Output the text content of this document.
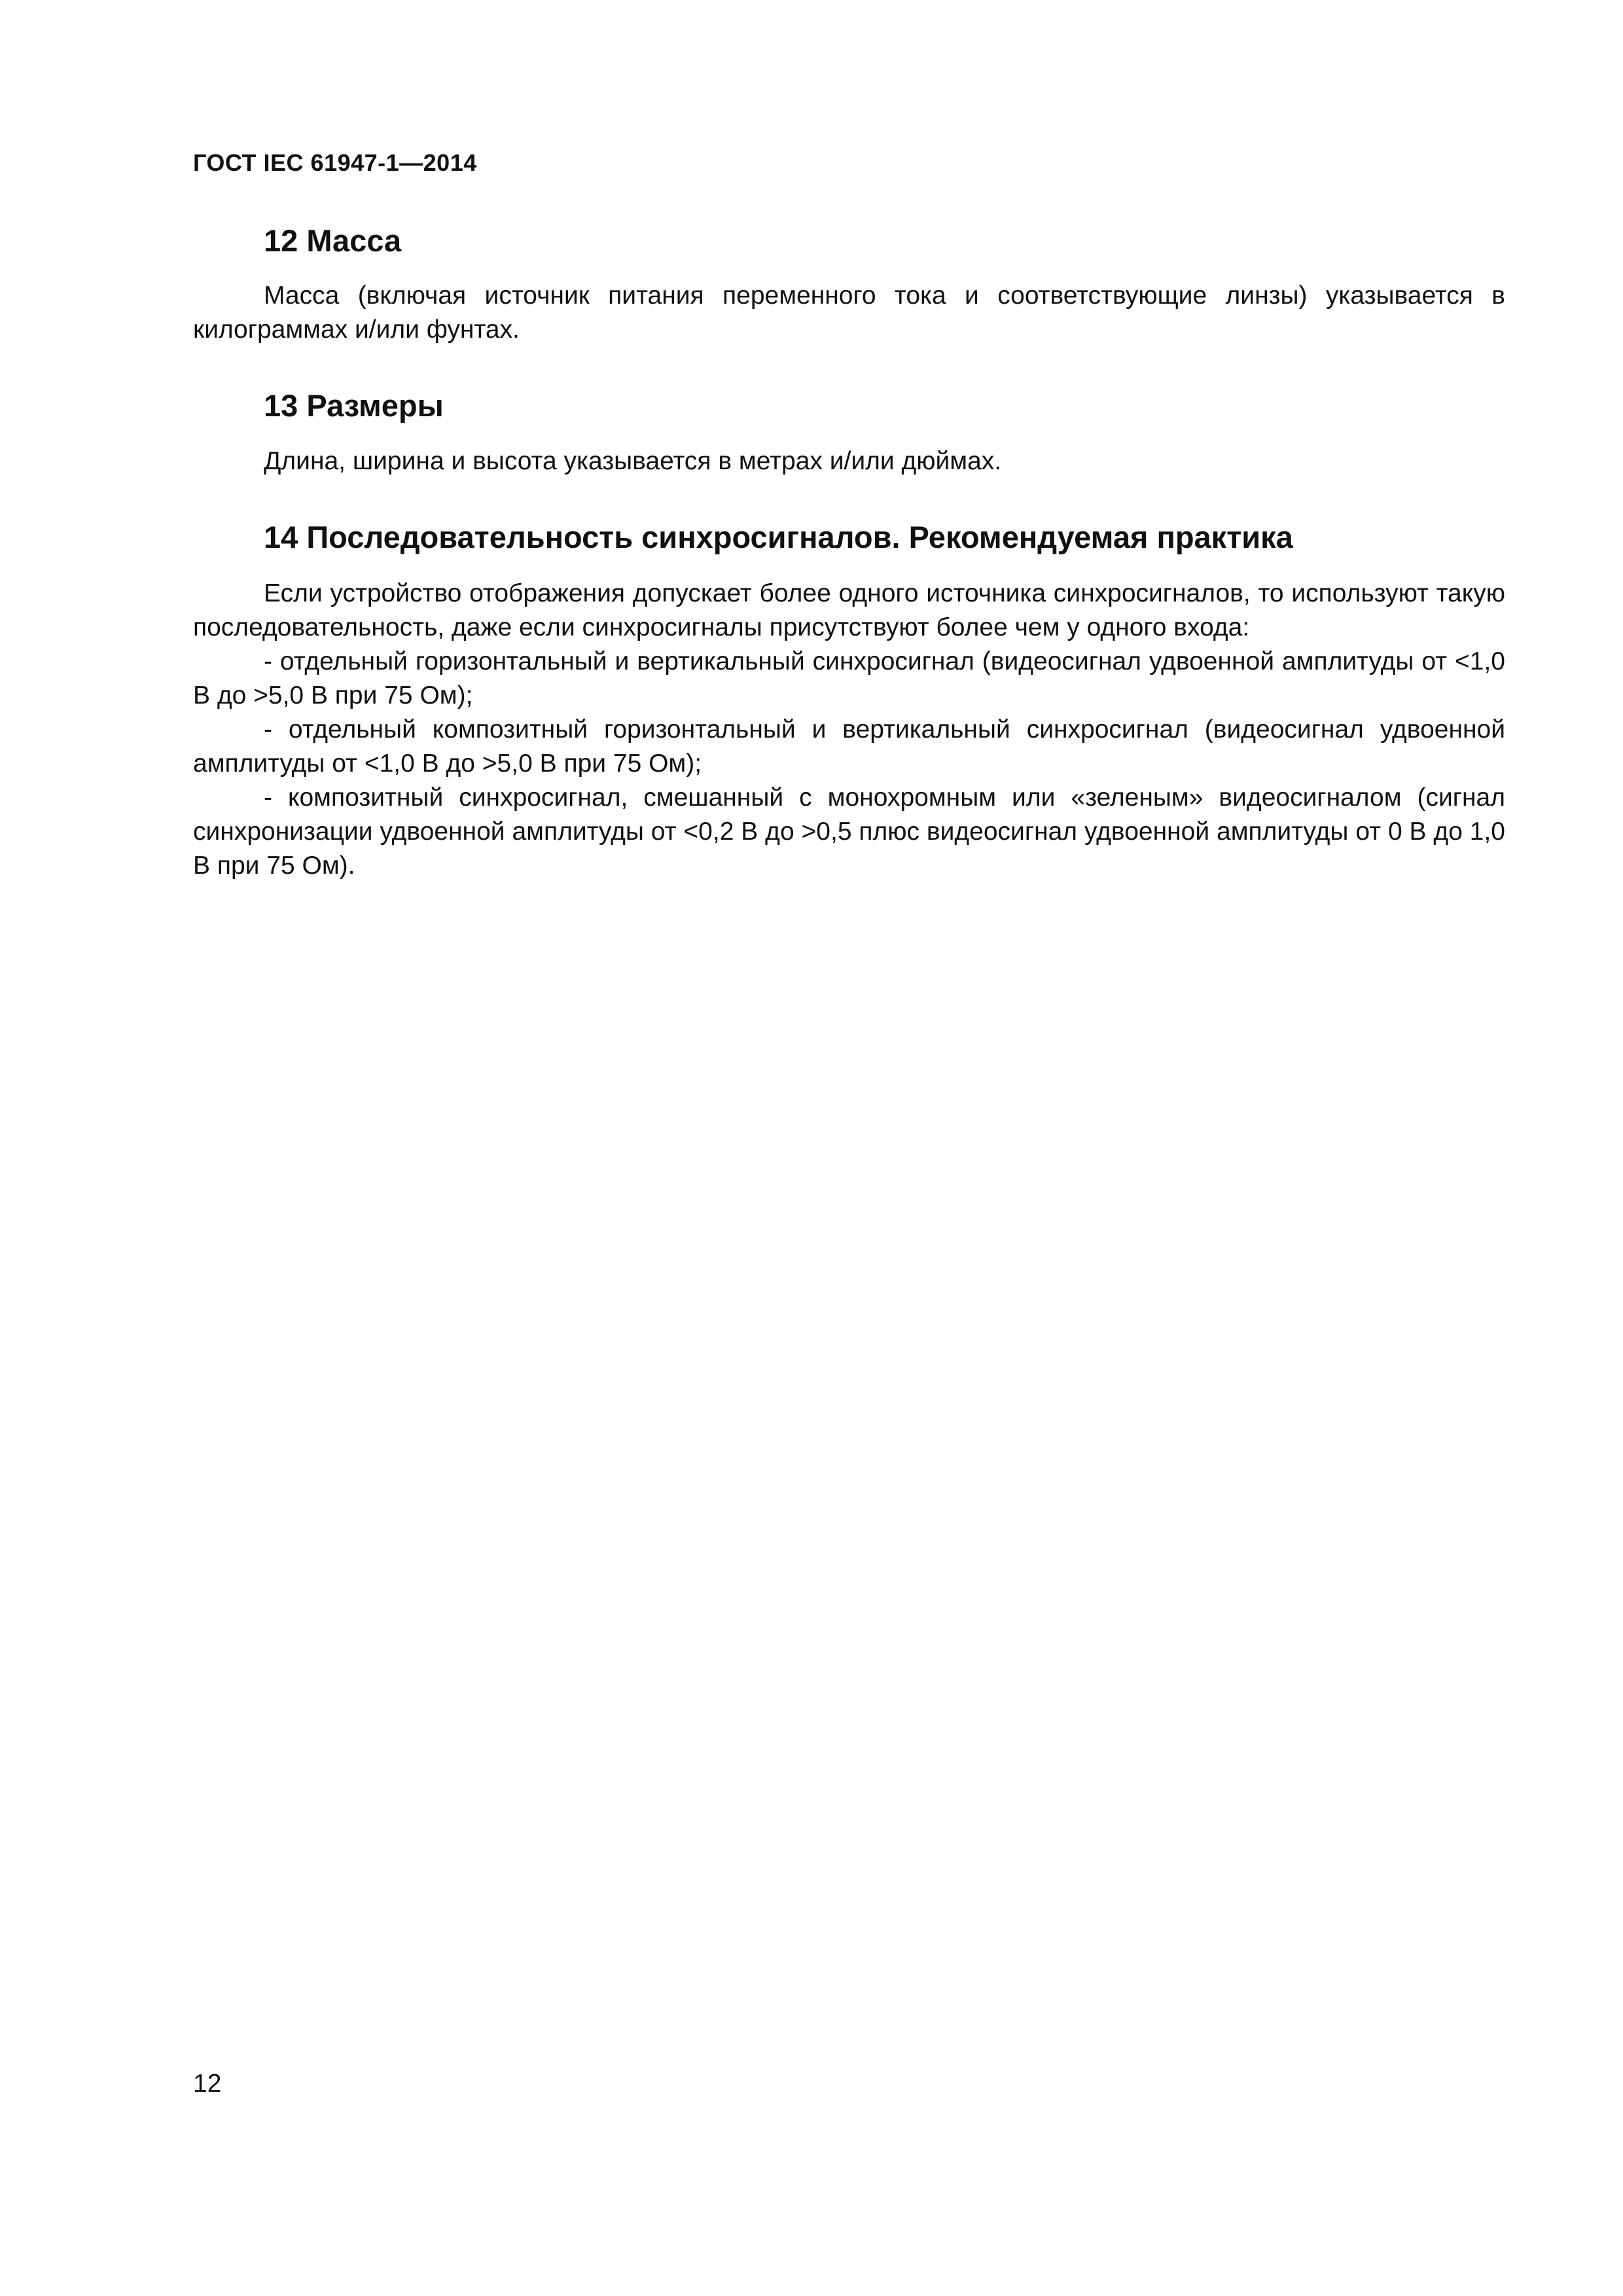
ГОСТ IEC 61947-1—2014

12 Масса

Масса (включая источник питания переменного тока и соответствующие линзы) указывается в килограммах и/или фунтах.

13 Размеры

Длина, ширина и высота указывается в метрах и/или дюймах.

14 Последовательность синхросигналов. Рекомендуемая практика

Если устройство отображения допускает более одного источника синхросигналов, то используют такую последовательность, даже если синхросигналы присутствуют более чем у одного входа:

- отдельный горизонтальный и вертикальный синхросигнал (видеосигнал удвоенной амплитуды от <1,0 В до >5,0 В при 75 Ом);

- отдельный композитный горизонтальный и вертикальный синхросигнал (видеосигнал удвоенной амплитуды от <1,0 В до >5,0 В при 75 Ом);

- композитный синхросигнал, смешанный с монохромным или «зеленым» видеосигналом (сигнал синхронизации удвоенной амплитуды от <0,2 В до >0,5 плюс видеосигнал удвоенной амплитуды от 0 В до 1,0 В при 75 Ом).

12
